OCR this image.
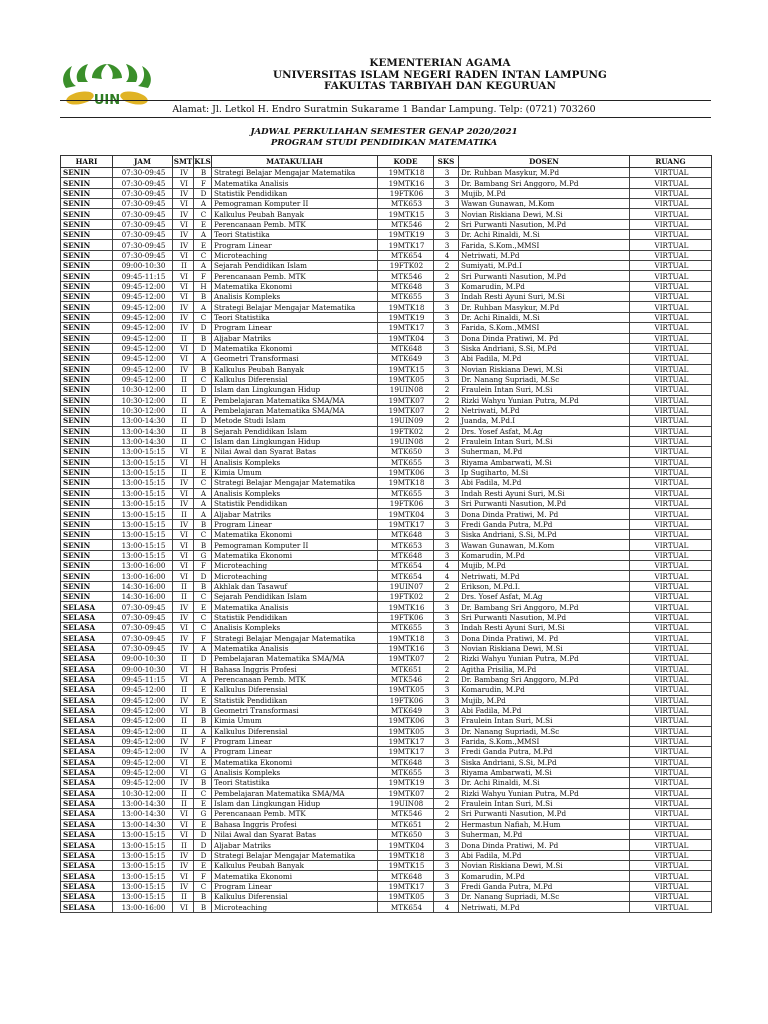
UIN
KEMENTERIAN AGAMA
UNIVERSITAS ISLAM NEGERI RADEN INTAN LAMPUNG
FAKULTAS TARBIYAH DAN KEGURUAN
Alamat: Jl. Letkol H. Endro Suratmin Sukarame 1 Bandar Lampung. Telp: (0721) 703260
JADWAL PERKULIAHAN SEMESTER GENAP 2020/2021
PROGRAM STUDI PENDIDIKAN MATEMATIKA
HARI	JAM	SMT	KLS	MATAKULIAH	KODE	SKS	DOSEN	RUANG
SENIN	07:30-09:45	IV	B	Strategi Belajar Mengajar Matematika	19MTK18	3	Dr. Ruhban Masykur, M.Pd	VIRTUAL
SENIN	07:30-09:45	VI	F	Matematika Analisis	19MTK16	3	Dr. Bambang Sri Anggoro, M.Pd	VIRTUAL
SENIN	07:30-09:45	IV	D	Statistik Pendidikan	19FTK06	3	Mujib, M.Pd	VIRTUAL
SENIN	07:30-09:45	VI	A	Pemograman Komputer II	MTK653	3	Wawan Gunawan, M.Kom	VIRTUAL
SENIN	07:30-09:45	IV	C	Kalkulus Peubah Banyak	19MTK15	3	Novian Riskiana Dewi, M.Si	VIRTUAL
SENIN	07:30-09:45	VI	E	Perencanaan Pemb. MTK	MTK546	2	Sri Purwanti Nasution, M.Pd	VIRTUAL
SENIN	07:30-09:45	IV	A	Teori Statistika	19MTK19	3	Dr. Achi Rinaldi, M.Si	VIRTUAL
SENIN	07:30-09:45	IV	E	Program Linear	19MTK17	3	Farida, S.Kom.,MMSI	VIRTUAL
SENIN	07:30-09:45	VI	C	Microteaching	MTK654	4	Netriwati, M.Pd	VIRTUAL
SENIN	09:00-10:30	II	A	Sejarah Pendidikan Islam	19FTK02	2	Sumiyati, M.Pd.I	VIRTUAL
SENIN	09:45-11:15	VI	F	Perencanaan Pemb. MTK	MTK546	2	Sri Purwanti Nasution, M.Pd	VIRTUAL
SENIN	09:45-12:00	VI	H	Matematika Ekonomi	MTK648	3	Komarudin, M.Pd	VIRTUAL
SENIN	09:45-12:00	VI	B	Analisis Kompleks	MTK655	3	Indah Resti Ayuni Suri, M.Si	VIRTUAL
SENIN	09:45-12:00	IV	A	Strategi Belajar Mengajar Matematika	19MTK18	3	Dr. Ruhban Masykur, M.Pd	VIRTUAL
SENIN	09:45-12:00	IV	C	Teori Statistika	19MTK19	3	Dr. Achi Rinaldi, M.Si	VIRTUAL
SENIN	09:45-12:00	IV	D	Program Linear	19MTK17	3	Farida, S.Kom.,MMSI	VIRTUAL
SENIN	09:45-12:00	II	B	Aljabar Matriks	19MTK04	3	Dona Dinda Pratiwi, M. Pd	VIRTUAL
SENIN	09:45-12:00	VI	D	Matematika Ekonomi	MTK648	3	Siska Andriani, S.Si, M.Pd	VIRTUAL
SENIN	09:45-12:00	VI	A	Geometri Transformasi	MTK649	3	Abi Fadila, M.Pd	VIRTUAL
SENIN	09:45-12:00	IV	B	Kalkulus Peubah Banyak	19MTK15	3	Novian Riskiana Dewi, M.Si	VIRTUAL
SENIN	09:45-12:00	II	C	Kalkulus Diferensial	19MTK05	3	Dr. Nanang Supriadi, M.Sc	VIRTUAL
SENIN	10:30-12:00	II	D	Islam dan Lingkungan Hidup	19UIN08	2	Fraulein Intan Suri, M.Si	VIRTUAL
SENIN	10:30-12:00	II	E	Pembelajaran Matematika SMA/MA	19MTK07	2	Rizki Wahyu Yunian Putra, M.Pd	VIRTUAL
SENIN	10:30-12:00	II	A	Pembelajaran Matematika SMA/MA	19MTK07	2	Netriwati, M.Pd	VIRTUAL
SENIN	13:00-14:30	II	D	Metode Studi Islam	19UIN09	2	Juanda, M.Pd.I	VIRTUAL
SENIN	13:00-14:30	II	B	Sejarah Pendidikan Islam	19FTK02	2	Drs. Yosef Asfat, M.Ag	VIRTUAL
SENIN	13:00-14:30	II	C	Islam dan Lingkungan Hidup	19UIN08	2	Fraulein Intan Suri, M.Si	VIRTUAL
SENIN	13:00-15:15	VI	E	Nilai Awal dan Syarat Batas	MTK650	3	Suherman, M.Pd	VIRTUAL
SENIN	13:00-15:15	VI	H	Analisis Kompleks	MTK655	3	Riyama Ambarwati, M.Si	VIRTUAL
SENIN	13:00-15:15	II	E	Kimia Umum	19MTK06	3	Ip Sugiharto, M.Si	VIRTUAL
SENIN	13:00-15:15	IV	C	Strategi Belajar Mengajar Matematika	19MTK18	3	Abi Fadila, M.Pd	VIRTUAL
SENIN	13:00-15:15	VI	A	Analisis Kompleks	MTK655	3	Indah Resti Ayuni Suri, M.Si	VIRTUAL
SENIN	13:00-15:15	IV	A	Statistik Pendidikan	19FTK06	3	Sri Purwanti Nasution, M.Pd	VIRTUAL
SENIN	13:00-15:15	II	A	Aljabar Matriks	19MTK04	3	Dona Dinda Pratiwi, M. Pd	VIRTUAL
SENIN	13:00-15:15	IV	B	Program Linear	19MTK17	3	Fredi Ganda Putra, M.Pd	VIRTUAL
SENIN	13:00-15:15	VI	C	Matematika Ekonomi	MTK648	3	Siska Andriani, S.Si, M.Pd	VIRTUAL
SENIN	13:00-15:15	VI	B	Pemograman Komputer II	MTK653	3	Wawan Gunawan, M.Kom	VIRTUAL
SENIN	13:00-15:15	VI	G	Matematika Ekonomi	MTK648	3	Komarudin, M.Pd	VIRTUAL
SENIN	13:00-16:00	VI	F	Microteaching	MTK654	4	Mujib, M.Pd	VIRTUAL
SENIN	13:00-16:00	VI	D	Microteaching	MTK654	4	Netriwati, M.Pd	VIRTUAL
SENIN	14:30-16:00	II	B	Akhlak dan Tasawuf	19UIN07	2	Erikson, M.Pd.I.	VIRTUAL
SENIN	14:30-16:00	II	C	Sejarah Pendidikan Islam	19FTK02	2	Drs. Yosef Asfat, M.Ag	VIRTUAL
SELASA	07:30-09:45	IV	E	Matematika Analisis	19MTK16	3	Dr. Bambang Sri Anggoro, M.Pd	VIRTUAL
SELASA	07:30-09:45	IV	C	Statistik Pendidikan	19FTK06	3	Sri Purwanti Nasution, M.Pd	VIRTUAL
SELASA	07:30-09:45	VI	C	Analisis Kompleks	MTK655	3	Indah Resti Ayuni Suri, M.Si	VIRTUAL
SELASA	07:30-09:45	IV	F	Strategi Belajar Mengajar Matematika	19MTK18	3	Dona Dinda Pratiwi, M. Pd	VIRTUAL
SELASA	07:30-09:45	IV	A	Matematika Analisis	19MTK16	3	Novian Riskiana Dewi, M.Si	VIRTUAL
SELASA	09:00-10:30	II	D	Pembelajaran Matematika SMA/MA	19MTK07	2	Rizki Wahyu Yunian Putra, M.Pd	VIRTUAL
SELASA	09:00-10:30	VI	H	Bahasa Inggris Profesi	MTK651	2	Agitha Prisilia, M.Pd	VIRTUAL
SELASA	09:45-11:15	VI	A	Perencanaan Pemb. MTK	MTK546	2	Dr. Bambang Sri Anggoro, M.Pd	VIRTUAL
SELASA	09:45-12:00	II	E	Kalkulus Diferensial	19MTK05	3	Komarudin, M.Pd	VIRTUAL
SELASA	09:45-12:00	IV	E	Statistik Pendidikan	19FTK06	3	Mujib, M.Pd	VIRTUAL
SELASA	09:45-12:00	VI	B	Geometri Transformasi	MTK649	3	Abi Fadila, M.Pd	VIRTUAL
SELASA	09:45-12:00	II	B	Kimia Umum	19MTK06	3	Fraulein Intan Suri, M.Si	VIRTUAL
SELASA	09:45-12:00	II	A	Kalkulus Diferensial	19MTK05	3	Dr. Nanang Supriadi, M.Sc	VIRTUAL
SELASA	09:45-12:00	IV	F	Program Linear	19MTK17	3	Farida, S.Kom.,MMSI	VIRTUAL
SELASA	09:45-12:00	IV	A	Program Linear	19MTK17	3	Fredi Ganda Putra, M.Pd	VIRTUAL
SELASA	09:45-12:00	VI	E	Matematika Ekonomi	MTK648	3	Siska Andriani, S.Si, M.Pd	VIRTUAL
SELASA	09:45-12:00	VI	G	Analisis Kompleks	MTK655	3	Riyama Ambarwati, M.Si	VIRTUAL
SELASA	09:45-12:00	IV	B	Teori Statistika	19MTK19	3	Dr. Achi Rinaldi, M.Si	VIRTUAL
SELASA	10:30-12:00	II	C	Pembelajaran Matematika SMA/MA	19MTK07	2	Rizki Wahyu Yunian Putra, M.Pd	VIRTUAL
SELASA	13:00-14:30	II	E	Islam dan Lingkungan Hidup	19UIN08	2	Fraulein Intan Suri, M.Si	VIRTUAL
SELASA	13:00-14:30	VI	G	Perencanaan Pemb. MTK	MTK546	2	Sri Purwanti Nasution, M.Pd	VIRTUAL
SELASA	13:00-14:30	VI	E	Bahasa Inggris Profesi	MTK651	2	Hermastun Nafiah, M.Hum	VIRTUAL
SELASA	13:00-15:15	VI	D	Nilai Awal dan Syarat Batas	MTK650	3	Suherman, M.Pd	VIRTUAL
SELASA	13:00-15:15	II	D	Aljabar Matriks	19MTK04	3	Dona Dinda Pratiwi, M. Pd	VIRTUAL
SELASA	13:00-15:15	IV	D	Strategi Belajar Mengajar Matematika	19MTK18	3	Abi Fadila, M.Pd	VIRTUAL
SELASA	13:00-15:15	IV	E	Kalkulus Peubah Banyak	19MTK15	3	Novian Riskiana Dewi, M.Si	VIRTUAL
SELASA	13:00-15:15	VI	F	Matematika Ekonomi	MTK648	3	Komarudin, M.Pd	VIRTUAL
SELASA	13:00-15:15	IV	C	Program Linear	19MTK17	3	Fredi Ganda Putra, M.Pd	VIRTUAL
SELASA	13:00-15:15	II	B	Kalkulus Diferensial	19MTK05	3	Dr. Nanang Supriadi, M.Sc	VIRTUAL
SELASA	13:00-16:00	VI	B	Microteaching	MTK654	4	Netriwati, M.Pd	VIRTUAL
